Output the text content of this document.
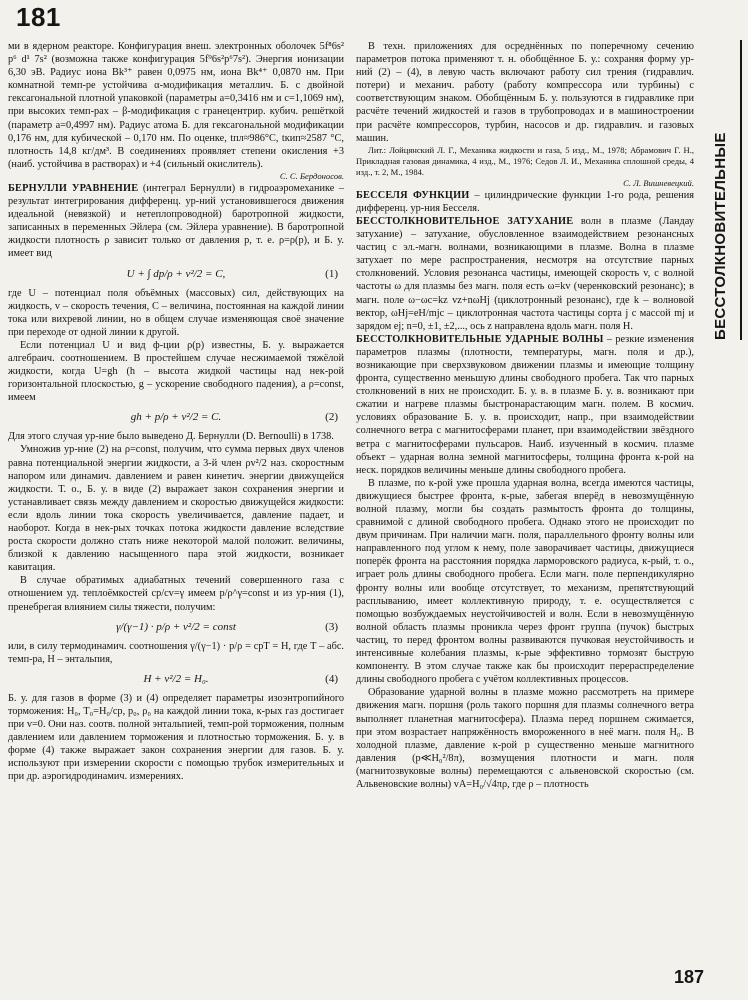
181
БЕССТОЛКНОВИТЕЛЬНЫЕ

ми в ядерном реакторе. Конфигурация внеш. электронных оболочек 5f⁸6s² p⁶ d¹ 7s² (возможна также конфигурация 5f⁹6s²p⁶7s²). Энергия ионизации 6,30 эВ. Радиус иона Bk³⁺ равен 0,0975 нм, иона Bk⁴⁺ 0,0870 нм. При комнатной темп-ре устойчива α-модификация металлич. Б. с двойной гексагональной плотной упаковкой (параметры a=0,3416 нм и c=1,1069 нм), при высоких темп-рах – β-модификация с гранецентрир. кубич. решёткой (параметр a=0,4997 нм). Радиус атома Б. для гексагональной модификации 0,176 нм, для кубической – 0,170 нм. По оценке, tпл≈986°С, tкип≈2587 °С, плотность 14,8 кг/дм³. В соединениях проявляет степени окисления +3 (наиб. устойчива в растворах) и +4 (сильный окислитель).

С. С. Бердоносов.

БЕРНУЛЛИ УРАВНЕНИЕ (интеграл Бернулли) в гидроаэромеханике – результат интегрирования дифференц. ур-ний установившегося движения идеальной (невязкой) и нетеплопроводной) баротропной жидкости, записанных в переменных Эйлера (см. Эйлера уравнение). В баротропной жидкости плотность ρ зависит только от давления p, т. е. ρ=ρ(p), и Б. у. имеет вид

U + ∫ dp/ρ + v²/2 = C,	(1)

где U – потенциал поля объёмных (массовых) сил, действующих на жидкость, v – скорость течения, C – величина, постоянная на каждой линии тока или вихревой линии, но в общем случае изменяющая своё значение при переходе от одной линии к другой.

Если потенциал U и вид ф-ции ρ(p) известны, Б. у. выражается алгебраич. соотношением. В простейшем случае несжимаемой тяжёлой жидкости, когда U=gh (h – высота жидкой частицы над нек-рой горизонтальной плоскостью, g – ускорение свободного падения), а ρ=const, имеем

gh + p/ρ + v²/2 = C.	(2)

Для этого случая ур-ние было выведено Д. Бернулли (D. Bernoulli) в 1738.

Умножив ур-ние (2) на ρ=const, получим, что сумма первых двух членов равна потенциальной энергии жидкости, а 3-й член ρv²/2 наз. скоростным напором или динамич. давлением и равен кинетич. энергии движущейся жидкости. Т. о., Б. у. в виде (2) выражает закон сохранения энергии и устанавливает связь между давлением и скоростью движущейся жидкости: если вдоль линии тока скорость увеличивается, давление падает, и наоборот. Когда в нек-рых точках потока жидкости давление вследствие роста скорости должно стать ниже некоторой малой положит. величины, близкой к давлению насыщенного пара этой жидкости, возникает кавитация.

В случае обратимых адиабатных течений совершенного газа с отношением уд. теплоёмкостей cp/cv=γ имеем p/ρ^γ=const и из ур-ния (1), пренебрегая влиянием силы тяжести, получим:

γ/(γ−1) · p/ρ + v²/2 = const	(3)

или, в силу термодинамич. соотношения γ/(γ−1) · p/ρ = cpT = H, где T – абс. темп-ра, H – энтальпия,

H + v²/2 = H₀.	(4)

Б. у. для газов в форме (3) и (4) определяет параметры изоэнтропийного торможения: H₀, T₀=H₀/cp, p₀, ρ₀ на каждой линии тока, к-рых газ достигает при v=0. Они наз. соотв. полной энтальпией, темп-рой торможения, полным давлением или давлением торможения и плотностью торможения. Б. у. в форме (4) также выражает закон сохранения энергии для газов. Б. у. используют при измерении скорости с помощью трубок измерительных и при др. аэрогидродинамич. измерениях.

В техн. приложениях для осреднённых по поперечному сечению параметров потока применяют т. н. обобщённое Б. у.: сохраняя форму ур-ний (2) – (4), в левую часть включают работу сил трения (гидравлич. потери) и механич. работу (работу компрессора или турбины) с соответствующим знаком. Обобщённым Б. у. пользуются в гидравлике при расчёте течений жидкостей и газов в трубопроводах и в машиностроении при расчёте компрессоров, турбин, насосов и др. гидравлич. и газовых машин.

Лит.: Лойцянский Л. Г., Механика жидкости и газа, 5 изд., М., 1978; Абрамович Г. Н., Прикладная газовая динамика, 4 изд., М., 1976; Седов Л. И., Механика сплошной среды, 4 изд., т. 2, М., 1984.

С. Л. Вишневецкий.

БЕССЕЛЯ ФУНКЦИИ – цилиндрические функции 1-го рода, решения дифференц. ур-ния Бесселя.

БЕССТОЛКНОВИТЕЛЬНОЕ ЗАТУХАНИЕ волн в плазме (Ландау затухание) – затухание, обусловленное взаимодействием резонансных частиц с эл.-магн. волнами, возникающими в плазме. Волна в плазме затухает по мере распространения, несмотря на отсутствие парных столкновений. Условия резонанса частицы, имеющей скорость v, с волной частоты ω для плазмы без магн. поля есть ω=kv (черенковский резонанс); в магн. поле ω−ωc=kz vz+nωHj (циклотронный резонанс), где k – волновой вектор, ωHj=eH/mjc – циклотронная частота частицы сорта j с массой mj и зарядом ej; n=0, ±1, ±2,..., ось z направлена вдоль магн. поля H.

БЕССТОЛКНОВИТЕЛЬНЫЕ УДАРНЫЕ ВОЛНЫ – резкие изменения параметров плазмы (плотности, температуры, магн. поля и др.), возникающие при сверхзвуковом движении плазмы и имеющие толщину фронта, существенно меньшую длины свободного пробега. Так что парных столкновений в них не происходит. Б. у. в. в плазме Б. у. в. возникают при сжатии и нагреве плазмы быстронарастающим магн. полем. В космич. условиях образование Б. у. в. происходит, напр., при взаимодействии солнечного ветра с магнитосферами планет, при взаимодействии звёздного ветра с магнитосферами пульсаров. Наиб. изученный в космич. плазме объект – ударная волна земной магнитосферы, толщина фронта к-рой на неск. порядков величины меньше длины свободного пробега.

В плазме, по к-рой уже прошла ударная волна, всегда имеются частицы, движущиеся быстрее фронта, к-рые, забегая вперёд в невозмущённую волной плазму, могли бы создать размытость фронта до толщины, сравнимой с длиной свободного пробега. Однако этого не происходит по двум причинам. При наличии магн. поля, параллельного фронту волны или направленного под углом к нему, поле заворачивает частицы, движущиеся поперёк фронта на расстояния порядка ларморовского радиуса, к-рый, т. о., играет роль длины свободного пробега. Если магн. поле перпендикулярно фронту волны или вообще отсутствует, то механизм, препятствующий расплыванию, имеет коллективную природу, т. е. осуществляется с помощью возбуждаемых неустойчивостей и волн. Если в невозмущённую волной область плазмы проникла через фронт группа (пучок) быстрых частиц, то перед фронтом волны развиваются пучковая неустойчивость и интенсивные колебания плазмы, к-рые эффективно тормозят быструю компоненту. В этом случае также как бы происходит перераспределение длины свободного пробега с учётом коллективных процессов.

Образование ударной волны в плазме можно рассмотреть на примере движения магн. поршня (роль такого поршня для плазмы солнечного ветра выполняет планетная магнитосфера). Плазма перед поршнем сжимается, при этом возрастает напряжённость вмороженного в неё магн. поля H₀. В холодной плазме, давление к-рой p существенно меньше магнитного давления (p≪H₀²/8π), возмущения плотности и магн. поля (магнитозвуковые волны) перемещаются с альвеновской скоростью (см. Альвеновские волны) vA=H₀/√4πρ, где ρ – плотность

187
